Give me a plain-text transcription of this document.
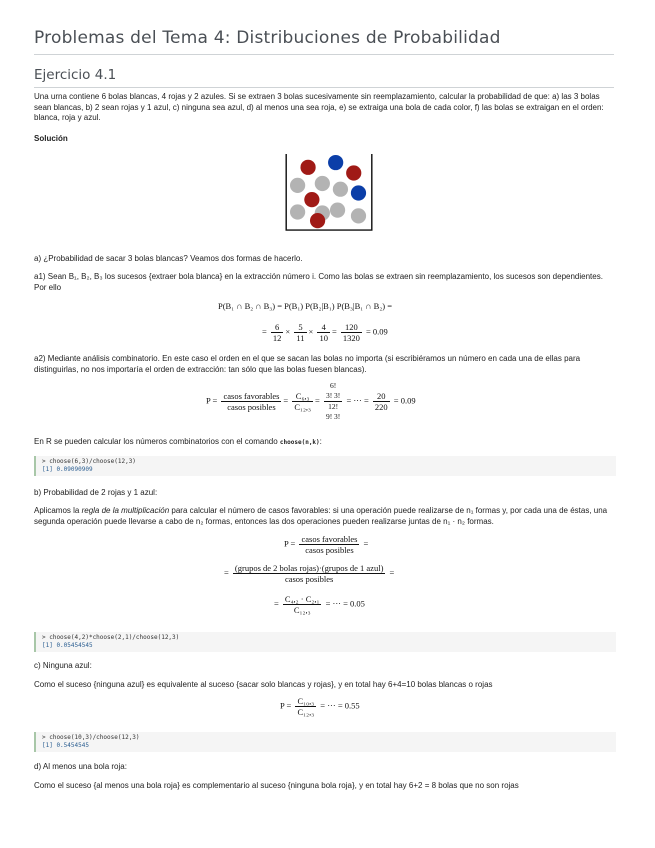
Problemas del Tema 4: Distribuciones de Probabilidad
Ejercicio 4.1

Una urna contiene 6 bolas blancas, 4 rojas y 2 azules. Si se extraen 3 bolas sucesivamente sin reemplazamiento, calcular la probabilidad de que: a) las 3 bolas sean blancas, b) 2 sean rojas y 1 azul, c) ninguna sea azul, d) al menos una sea roja, e) se extraiga una bola de cada color, f) las bolas se extraigan en el orden: blanca, roja y azul.

Solución

a) ¿Probabilidad de sacar 3 bolas blancas? Veamos dos formas de hacerlo.

a1) Sean B₁, B₂, B₃ los sucesos {extraer bola blanca} en la extracción número i. Como las bolas se extraen sin reemplazamiento, los sucesos son dependientes. Por ello

P(B₁ ∩ B₂ ∩ B₃) = P(B₁) P(B₂|B₁) P(B₃|B₁ ∩ B₂) =
= $\frac{6}{12} \times \frac{5}{11} \times \frac{4}{10} = \frac{120}{1320} = 0.09$

a2) Mediante análisis combinatorio. En este caso el orden en el que se sacan las bolas no importa (si escribiéramos un número en cada una de ellas para distinguirlas, no nos importaría el orden de extracción: tan sólo que las bolas fuesen blancas).

$P = \frac{\text{casos favorables}}{\text{casos posibles}} = \frac{\text{C₆,₃}}{\text{C₁₂,₃}} = 6$!
3! 3!
12!
9! 3! = ··· = $\frac{20}{220} = 0.09$

En R se pueden calcular los números combinatorios con el comando choose(n,k):

> choose(6,3)/choose(12,3)
[1] 0.09090909

b) Probabilidad de 2 rojas y 1 azul:

Aplicamos la regla de la multiplicación para calcular el número de casos favorables: si una operación puede realizarse de n₁ formas y, por cada una de éstas, una segunda operación puede llevarse a cabo de n₂ formas, entonces las dos operaciones pueden realizarse juntas de n₁ · n₂ formas.

$P = \frac{\text{casos favorables}}{\text{casos posibles}}$ =
= $\frac{\text{(grupos de 2 bolas rojas)·(grupos de 1 azul)}}{\text{casos posibles}}$ =
= $\frac{\text{C₄,₂ · C₂,₁}}{\text{C₁₂,₃}}$ = ··· = 0.05
> choose(4,2)*choose(2,1)/choose(12,3)
[1] 0.05454545

c) Ninguna azul:

Como el suceso {ninguna azul} es equivalente al suceso {sacar solo blancas y rojas}, y en total hay 6+4=10 bolas blancas o rojas

$P = \frac{\text{C₁₀,₃}}{\text{C₁₂,₃}}$ = ··· = 0.55
> choose(10,3)/choose(12,3)
[1] 0.5454545

d) Al menos una bola roja:

Como el suceso {al menos una bola roja} es complementario al suceso {ninguna bola roja}, y en total hay 6+2 = 8 bolas que no son rojas
